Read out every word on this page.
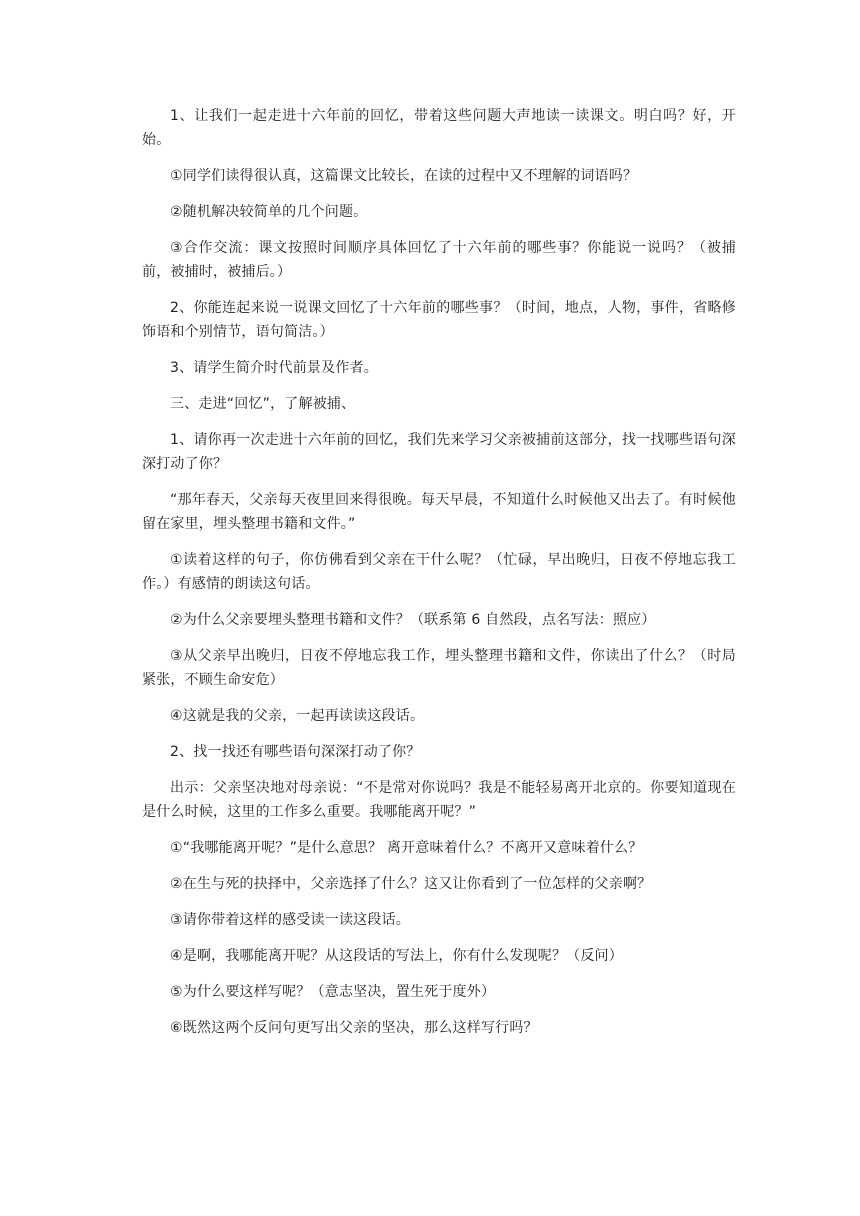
1、让我们一起走进十六年前的回忆，带着这些问题大声地读一读课文。明白吗？好，开始。

①同学们读得很认真，这篇课文比较长，在读的过程中又不理解的词语吗？

②随机解决较简单的几个问题。

③合作交流：课文按照时间顺序具体回忆了十六年前的哪些事？你能说一说吗？（被捕前，被捕时，被捕后。）

2、你能连起来说一说课文回忆了十六年前的哪些事？（时间，地点，人物，事件，省略修饰语和个别情节，语句简洁。）

3、请学生简介时代前景及作者。

三、走进“回忆”，了解被捕、

1、请你再一次走进十六年前的回忆，我们先来学习父亲被捕前这部分，找一找哪些语句深深打动了你？

“那年春天，父亲每天夜里回来得很晚。每天早晨，不知道什么时候他又出去了。有时候他留在家里，埋头整理书籍和文件。”

①读着这样的句子，你仿佛看到父亲在干什么呢？（忙碌，早出晚归，日夜不停地忘我工作。）有感情的朗读这句话。

②为什么父亲要埋头整理书籍和文件？（联系第 6 自然段，点名写法：照应）

③从父亲早出晚归，日夜不停地忘我工作，埋头整理书籍和文件，你读出了什么？（时局紧张，不顾生命安危）

④这就是我的父亲，一起再读读这段话。

2、找一找还有哪些语句深深打动了你？

出示：父亲坚决地对母亲说：“不是常对你说吗？我是不能轻易离开北京的。你要知道现在是什么时候，这里的工作多么重要。我哪能离开呢？”

①“我哪能离开呢？”是什么意思？ 离开意味着什么？不离开又意味着什么？

②在生与死的抉择中，父亲选择了什么？这又让你看到了一位怎样的父亲啊？

③请你带着这样的感受读一读这段话。

④是啊，我哪能离开呢？从这段话的写法上，你有什么发现呢？（反问）

⑤为什么要这样写呢？（意志坚决，置生死于度外）

⑥既然这两个反问句更写出父亲的坚决，那么这样写行吗？
